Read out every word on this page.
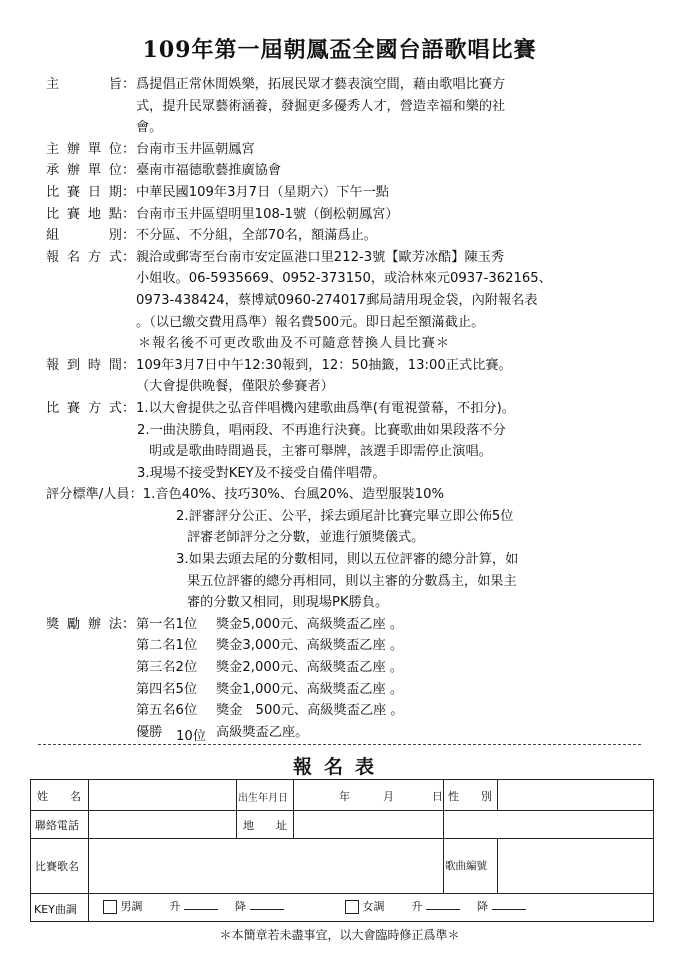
109年第一屆朝鳳盃全國台語歌唱比賽
主　　旨 ： 爲提倡正常休閒娛樂，拓展民眾才藝表演空間，藉由歌唱比賽方
式，提升民眾藝術涵養，發掘更多優秀人才，營造幸福和樂的社
會。
主辦單位 ： 台南市玉井區朝鳳宮
承辦單位 ： 臺南市福德歌藝推廣協會
比賽日期 ： 中華民國109年3月7日（星期六）下午一點
比賽地點 ： 台南市玉井區望明里108-1號（倒松朝鳳宮）
組　　別 ： 不分區、不分組，全部70名，額滿爲止。
報名方式 ： 親洽或郵寄至台南市安定區港口里212-3號【歐芳冰酷】陳玉秀
小姐收。06-5935669、0952-373150，或洽林來元0937-362165、
0973-438424，蔡博斌0960-274017郵局請用現金袋，內附報名表
。（以已繳交費用爲準）報名費500元。即日起至額滿截止。
＊報名後不可更改歌曲及不可隨意替換人員比賽＊
報到時間 ： 109年3月7日中午12:30報到，12：50抽籤，13:00正式比賽。
（大會提供晚餐，僅限於參賽者）
比賽方式 ： 1.以大會提供之弘音伴唱機內建歌曲爲準(有電視螢幕，不扣分)。
2.一曲決勝負，唱兩段、不再進行決賽。比賽歌曲如果段落不分
明或是歌曲時間過長，主審可舉牌，該選手即需停止演唱。
3.現場不接受對KEY及不接受自備伴唱帶。
評分標準/人員 ： 1.音色40%、技巧30%、台風20%、造型服裝10%
2.評審評分公正、公平，採去頭尾計比賽完畢立即公佈5位
評審老師評分之分數，並進行頒獎儀式。
3.如果去頭去尾的分數相同，則以五位評審的總分計算，如
果五位評審的總分再相同，則以主審的分數爲主，如果主
審的分數又相同，則現場PK勝負。
獎勵辦法 ： 第一名1位	獎金5,000元、高級獎盃乙座 。
第二名1位	獎金3,000元、高級獎盃乙座 。
第三名2位	獎金2,000元、高級獎盃乙座 。
第四名5位	獎金1,000元、高級獎盃乙座 。
第五名6位	獎金　500元、高級獎盃乙座 。
優勝	10位 高級獎盃乙座。
報名表
姓　　名	出生年月日	年	月	日 性　　別
聯絡電話	地　　址
比賽歌名	歌曲編號
KEY曲調	男調 升	降	女調 升	降
＊本簡章若未盡事宜，以大會臨時修正爲準＊
